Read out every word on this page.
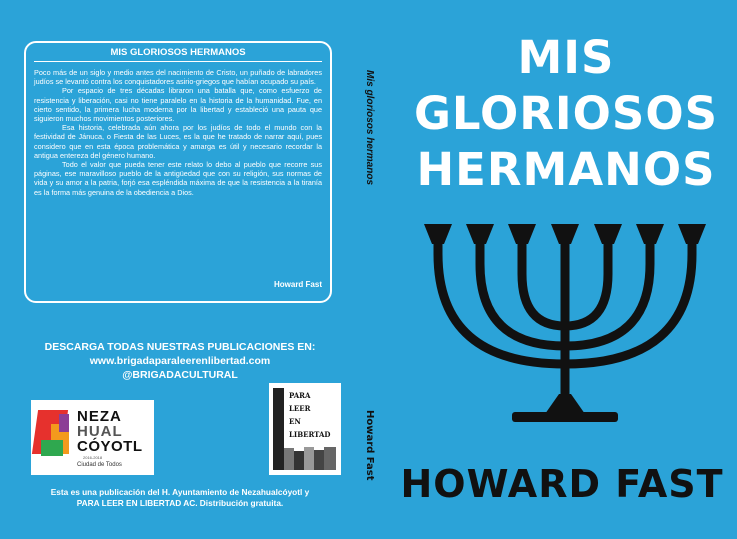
MIS GLORIOSOS HERMANOS

Poco más de un siglo y medio antes del nacimiento de Cristo, un puñado de labradores judíos se levantó contra los conquistadores asirio-griegos que habían ocupado su país.

Por espacio de tres décadas libraron una batalla que, como esfuerzo de resistencia y liberación, casi no tiene paralelo en la historia de la humanidad. Fue, en cierto sentido, la primera lucha moderna por la libertad y estableció una pauta que siguieron muchos movimientos posteriores.

Esa historia, celebrada aún ahora por los judíos de todo el mundo con la festividad de Jánuca, o Fiesta de las Luces, es la que he tratado de narrar aquí, pues considero que en esta época problemática y amarga es útil y necesario recordar la antigua entereza del género humano.

Todo el valor que pueda tener este relato lo debo al pueblo que recorre sus páginas, ese maravilloso pueblo de la antigüedad que con su religión, sus normas de vida y su amor a la patria, forjó esa espléndida máxima de que la resistencia a la tiranía es la forma más genuina de la obediencia a Dios.

Howard Fast
DESCARGA TODAS NUESTRAS PUBLICACIONES EN:
www.brigadaparaleerenlibertad.com
@BRIGADACULTURAL
NEZA
HUAL
CÓYOTL
2016-2018
Ciudad de Todos
PARA
LEER
EN
LIBERTAD
Esta es una publicación del H. Ayuntamiento de Nezahualcóyotl y
PARA LEER EN LIBERTAD AC. Distribución gratuita.
Mis gloriosos hermanos
Howard Fast
MIS
GLORIOSOS
HERMANOS
HOWARD FAST
